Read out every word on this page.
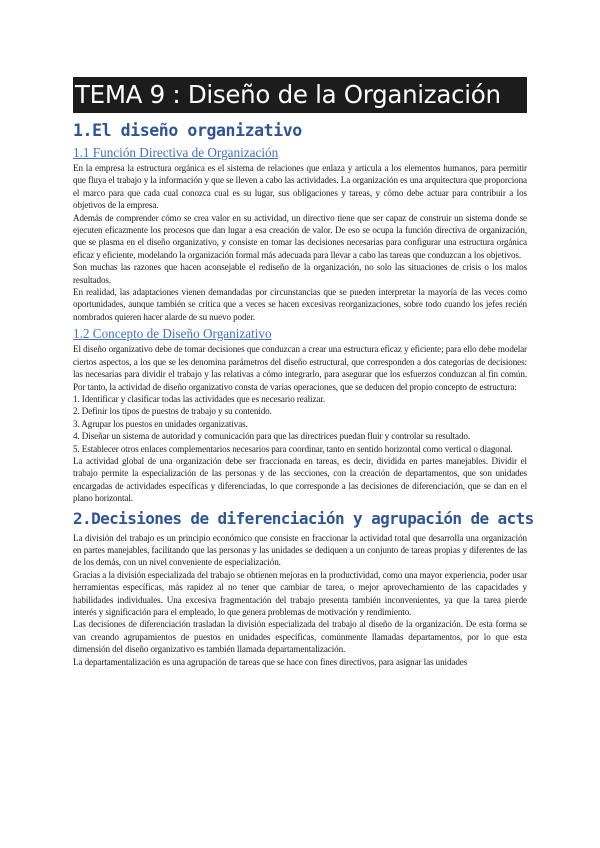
TEMA 9 : Diseño de la Organización
1.El diseño organizativo
1.1 Función Directiva de Organización

En la empresa la estructura orgánica es el sistema de relaciones que enlaza y articula a los elementos humanos, para permitir que fluya el trabajo y la información y que se lleven a cabo las actividades. La organización es una arquitectura que proporciona el marco para que cada cual conozca cual es su lugar, sus obligaciones y tareas, y cómo debe actuar para contribuir a los objetivos de la empresa.

Además de comprender cómo se crea valor en su actividad, un directivo tiene que ser capaz de construir un sistema donde se ejecuten eficazmente los procesos que dan lugar a esa creación de valor. De eso se ocupa la función directiva de organización, que se plasma en el diseño organizativo, y consiste en tomar las decisiones necesarias para configurar una estructura orgánica eficaz y eficiente, modelando la organización formal más adecuada para llevar a cabo las tareas que conduzcan a los objetivos.

Son muchas las razones que hacen aconsejable el rediseño de la organización, no solo las situaciones de crisis o los malos resultados.

En realidad, las adaptaciones vienen demandadas por circunstancias que se pueden interpretar la mayoría de las veces como oportunidades, aunque también se critica que a veces se hacen excesivas reorganizaciones, sobre todo cuando los jefes recién nombrados quieren hacer alarde de su nuevo poder.

1.2 Concepto de Diseño Organizativo

El diseño organizativo debe de tomar decisiones que conduzcan a crear una estructura eficaz y eficiente; para ello debe modelar ciertos aspectos, a los que se les denomina parámetros del diseño estructural, que corresponden a dos categorías de decisiones: las necesarias para dividir el trabajo y las relativas a cómo integrarlo, para asegurar que los esfuerzos conduzcan al fin común. Por tanto, la actividad de diseño organizativo consta de varias operaciones, que se deducen del propio concepto de estructura:

1. Identificar y clasificar todas las actividades que es necesario realizar.

2. Definir los tipos de puestos de trabajo y su contenido.

3. Agrupar los puestos en unidades organizativas.

4. Diseñar un sistema de autoridad y comunicación para que las directrices puedan fluir y controlar su resultado.

5. Establecer otros enlaces complementarios necesarios para coordinar, tanto en sentido horizontal como vertical o diagonal.

La actividad global de una organización debe ser fraccionada en tareas, es decir, dividida en partes manejables. Dividir el trabajo permite la especialización de las personas y de las secciones, con la creación de departamentos, que son unidades encargadas de actividades específicas y diferenciadas, lo que corresponde a las decisiones de diferenciación, que se dan en el plano horizontal.

2.Decisiones de diferenciación y agrupación de acts

La división del trabajo es un principio económico que consiste en fraccionar la actividad total que desarrolla una organización en partes manejables, facilitando que las personas y las unidades se dediquen a un conjunto de tareas propias y diferentes de las de los demás, con un nivel conveniente de especialización.

Gracias a la división especializada del trabajo se obtienen mejoras en la productividad, como una mayor experiencia, poder usar herramientas específicas, más rapidez al no tener que cambiar de tarea, o mejor aprovechamiento de las capacidades y habilidades individuales. Una excesiva fragmentación del trabajo presenta también inconvenientes, ya que la tarea pierde interés y significación para el empleado, lo que genera problemas de motivación y rendimiento.

Las decisiones de diferenciación trasladan la división especializada del trabajo al diseño de la organización. De esta forma se van creando agrupamientos de puestos en unidades específicas, comúnmente llamadas departamentos, por lo que esta dimensión del diseño organizativo es también llamada departamentalización.

La departamentalización es una agrupación de tareas que se hace con fines directivos, para asignar las unidades
